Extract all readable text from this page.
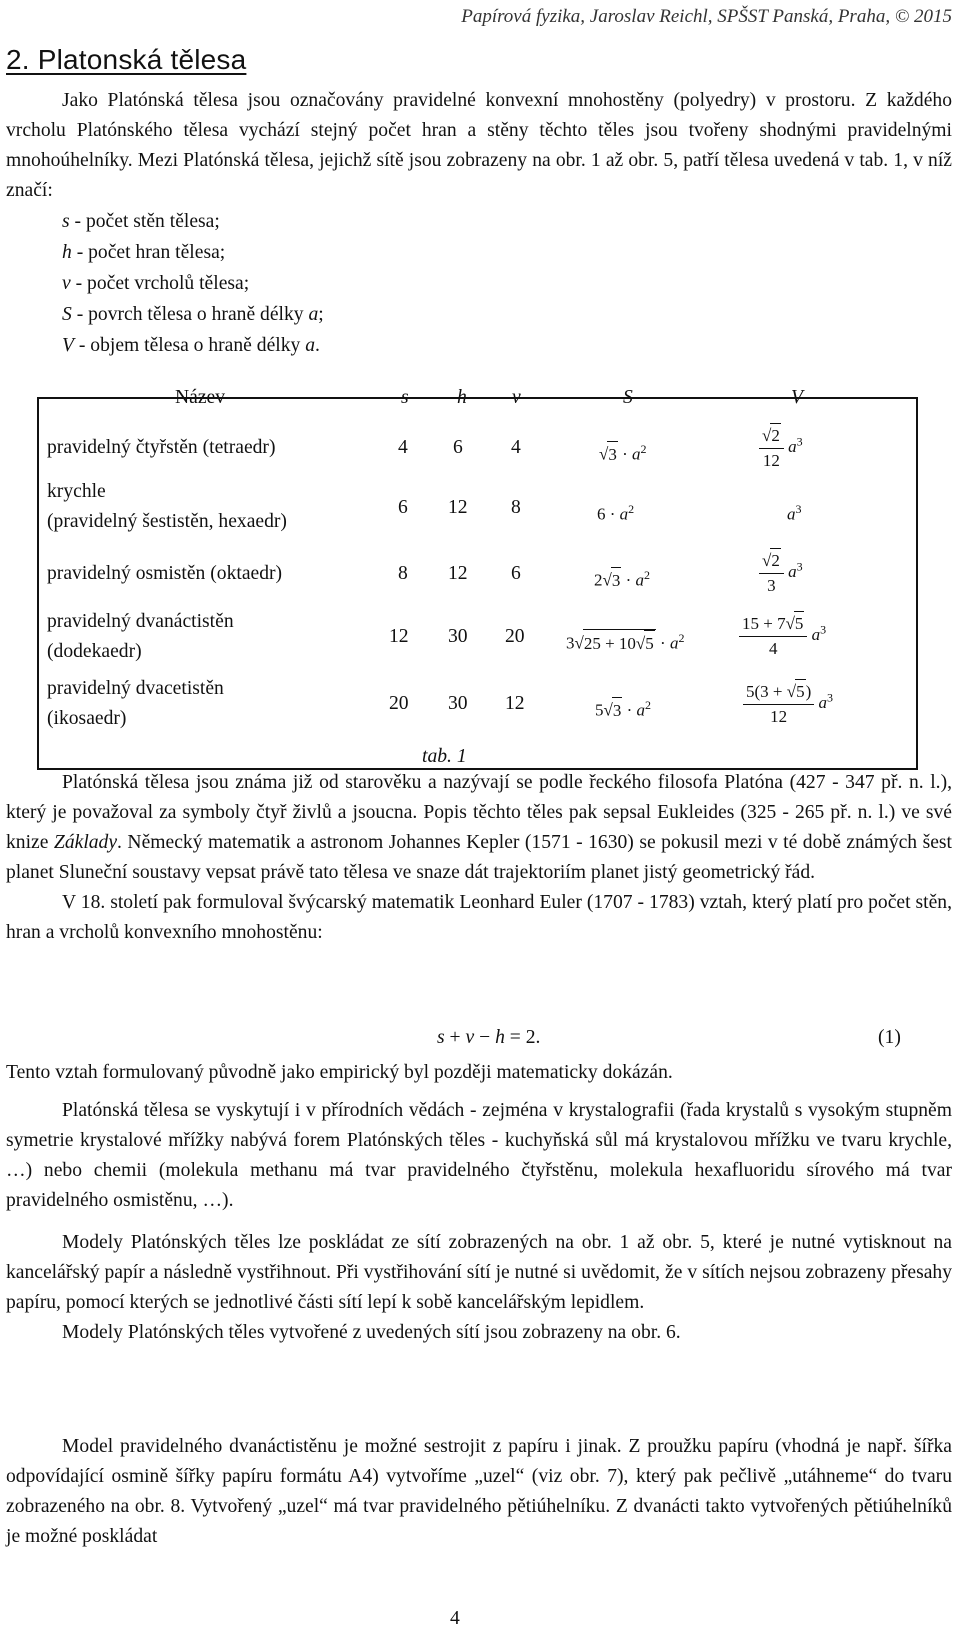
Papírová fyzika, Jaroslav Reichl, SPŠST Panská, Praha, © 2015
2. Platonská tělesa

Jako Platónská tělesa jsou označovány pravidelné konvexní mnohostěny (polyedry) v prostoru. Z každého vrcholu Platónského tělesa vychází stejný počet hran a stěny těchto těles jsou tvořeny shodnými pravidelnými mnohoúhelníky. Mezi Platónská tělesa, jejichž sítě jsou zobrazeny na obr. 1 až obr. 5, patří tělesa uvedená v tab. 1, v níž značí:

s - počet stěn tělesa;
h - počet hran tělesa;
v - počet vrcholů tělesa;
S - povrch tělesa o hraně délky a;
V - objem tělesa o hraně délky a.
Název	s h v	S	V
pravidelný čtyřstěn (tetraedr)	4 6 4	$√3 \cdot a^2$	$\frac{√2}{12} a^3$
krychle
(pravidelný šestistěn, hexaedr)
6 12 8	$6 \cdot a^2$	$a^3$
pravidelný osmistěn (oktaedr)	8 12 6	$2√3 \cdot a^2$	$\frac{√2}{3} a^3$
pravidelný dvanáctistěn
(dodekaedr)
12 30 20 $3√25 + 10√5 \cdot a^2$	$\frac{15 + 7√5}{4} a^3$
pravidelný dvacetistěn
(ikosaedr)
20 30 12	$5√3 \cdot a^2$	$\frac{5(3 + √5)}{12} a^3$
tab. 1

Platónská tělesa jsou známa již od starověku a nazývají se podle řeckého filosofa Platóna (427 - 347 př. n. l.), který je považoval za symboly čtyř živlů a jsoucna. Popis těchto těles pak sepsal Eukleides (325 - 265 př. n. l.) ve své knize Základy. Německý matematik a astronom Johannes Kepler (1571 - 1630) se pokusil mezi v té době známých šest planet Sluneční soustavy vepsat právě tato tělesa ve snaze dát trajektoriím planet jistý geometrický řád.

V 18. století pak formuloval švýcarský matematik Leonhard Euler (1707 - 1783) vztah, který platí pro počet stěn, hran a vrcholů konvexního mnohostěnu:

s + v − h = 2.	(1)

Tento vztah formulovaný původně jako empirický byl později matematicky dokázán.

Platónská tělesa se vyskytují i v přírodních vědách - zejména v krystalografii (řada krystalů s vysokým stupněm symetrie krystalové mřížky nabývá forem Platónských těles - kuchyňská sůl má krystalovou mřížku ve tvaru krychle, …) nebo chemii (molekula methanu má tvar pravidelného čtyřstěnu, molekula hexafluoridu sírového má tvar pravidelného osmistěnu, …).

Modely Platónských těles lze poskládat ze sítí zobrazených na obr. 1 až obr. 5, které je nutné vytisknout na kancelářský papír a následně vystřihnout. Při vystřihování sítí je nutné si uvědomit, že v sítích nejsou zobrazeny přesahy papíru, pomocí kterých se jednotlivé části sítí lepí k sobě kancelářským lepidlem.

Modely Platónských těles vytvořené z uvedených sítí jsou zobrazeny na obr. 6.

Model pravidelného dvanáctistěnu je možné sestrojit z papíru i jinak. Z proužku papíru (vhodná je např. šířka odpovídající osmině šířky papíru formátu A4) vytvoříme „uzel“ (viz obr. 7), který pak pečlivě „utáhneme“ do tvaru zobrazeného na obr. 8. Vytvořený „uzel“ má tvar pravidelného pětiúhelníku. Z dvanácti takto vytvořených pětiúhelníků je možné poskládat

4
